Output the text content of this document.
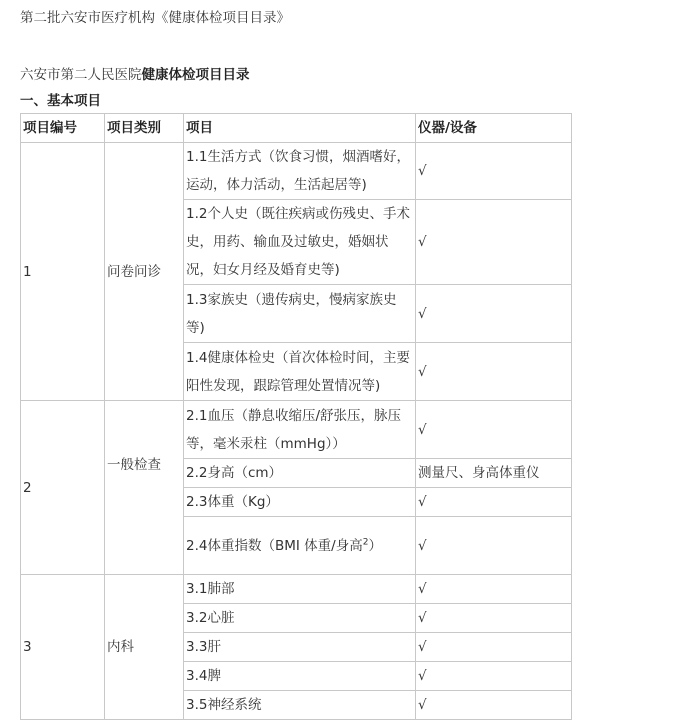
第二批六安市医疗机构《健康体检项目目录》
六安市第二人民医院健康体检项目目录
一、基本项目
项目编号	项目类别	项目	仪器/设备
1	问卷问诊	1.1生活方式（饮食习惯，烟酒嗜好，运动，体力活动，生活起居等)	√
		1.2个人史（既往疾病或伤残史、手术史，用药、输血及过敏史，婚姻状况，妇女月经及婚育史等)	√
		1.3家族史（遗传病史，慢病家族史等)	√
		1.4健康体检史（首次体检时间，主要阳性发现，跟踪管理处置情况等)	√
2	一般检查	2.1血压（静息收缩压/舒张压，脉压等，毫米汞柱（mmHg））	√
		2.2身高（cm）	测量尺、身高体重仪
		2.3体重（Kg）	√
		2.4体重指数（BMI 体重/身高$^2$）	√
3	内科	3.1肺部	√
		3.2心脏	√
		3.3肝	√
		3.4脾	√
		3.5神经系统	√
